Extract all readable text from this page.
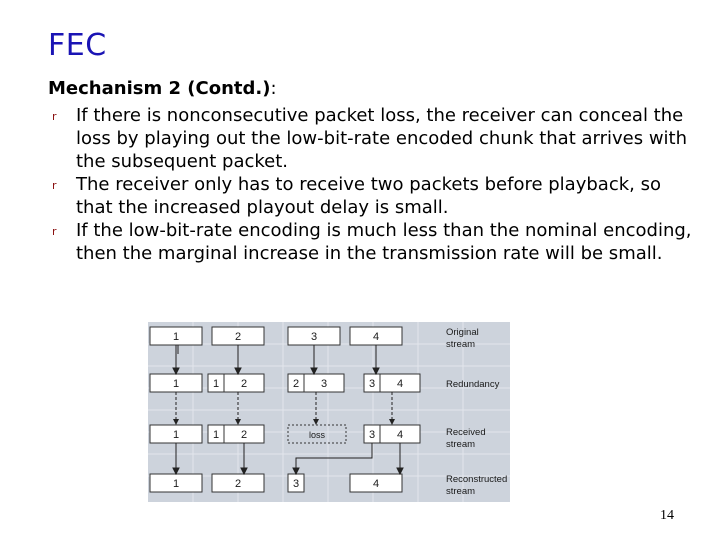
FEC
Mechanism 2 (Contd.):
r If there is nonconsecutive packet loss, the receiver can conceal the loss by playing out the low-bit-rate encoded chunk that arrives with the subsequent packet.
r The receiver only has to receive two packets before playback, so that the increased playout delay is small.
r If the low-bit-rate encoding is much less than the nominal encoding, then the marginal increase in the transmission rate will be small.
1	2	3	4	Original
stream
1	1 2	2 3	3 4	Redundancy
1	1 2	loss	3 4	Received
stream
1	2	3	4	Reconstructed
stream
14
